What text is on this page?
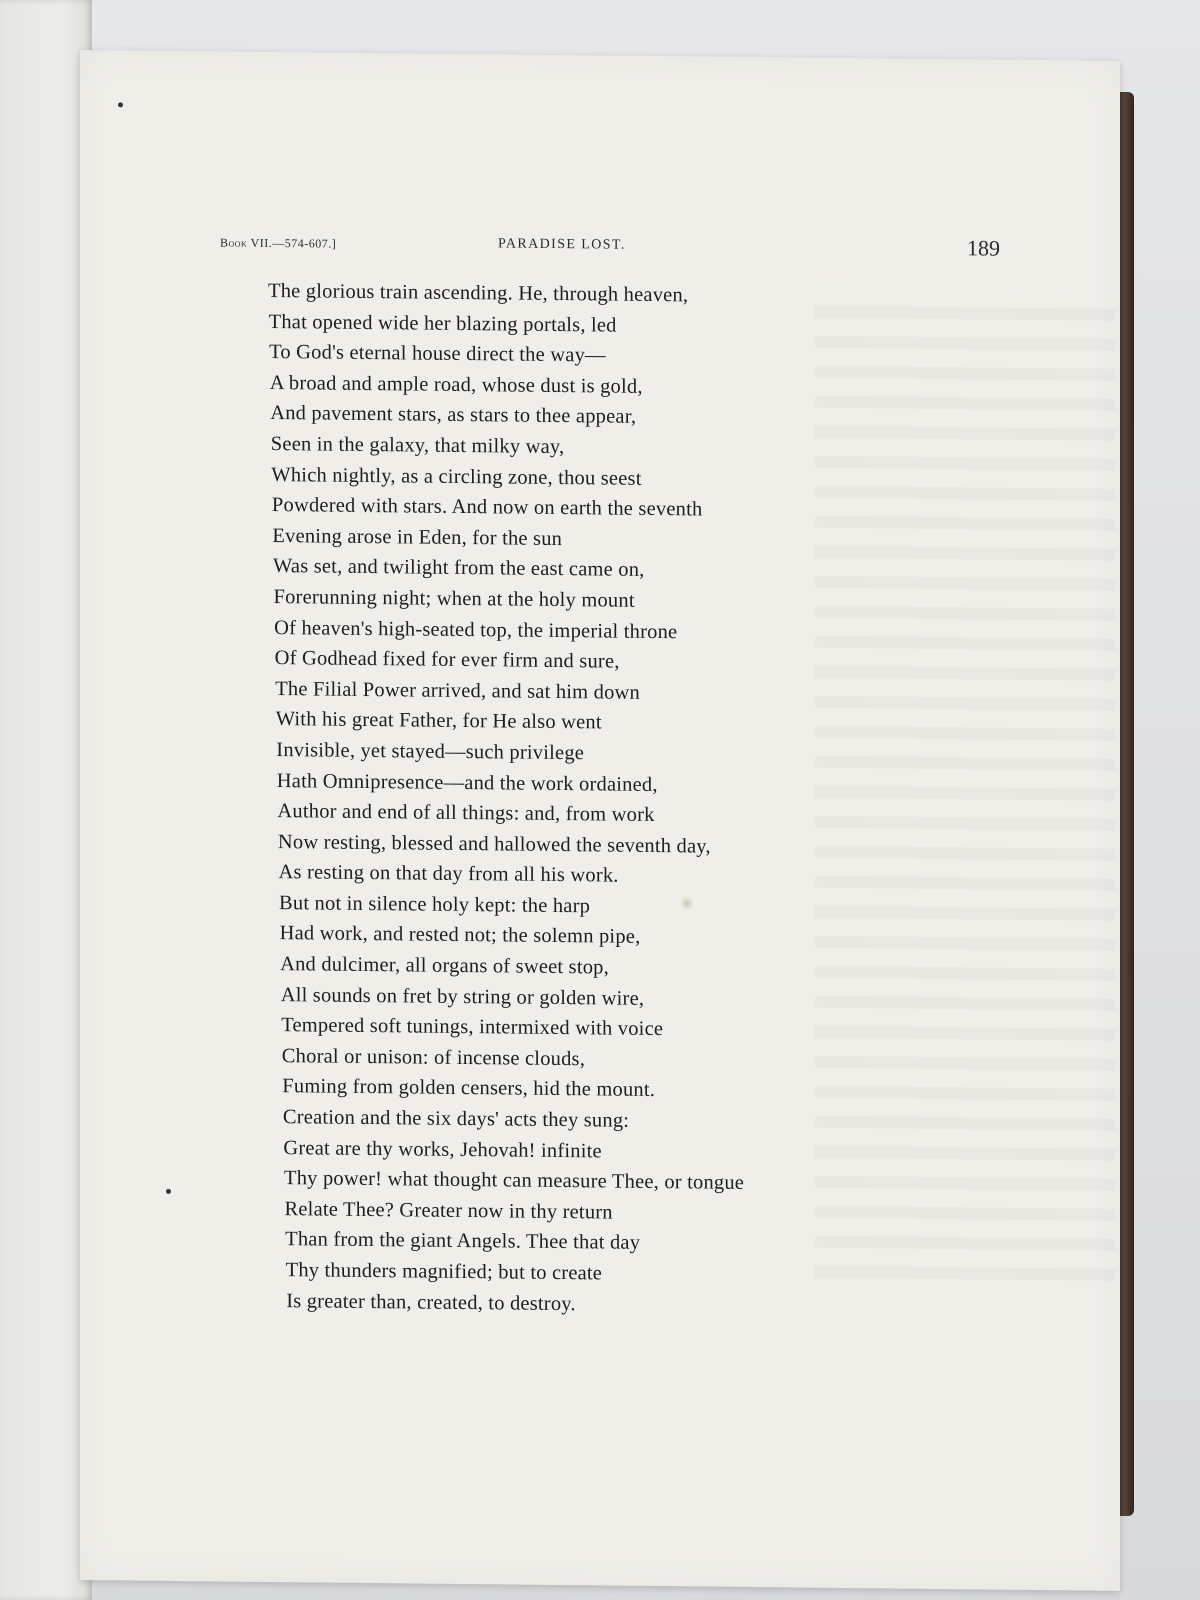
Book VII.—574-607.]	PARADISE LOST.	189
The glorious train ascending. He, through heaven,
That opened wide her blazing portals, led
To God's eternal house direct the way—
A broad and ample road, whose dust is gold,
And pavement stars, as stars to thee appear,
Seen in the galaxy, that milky way,
Which nightly, as a circling zone, thou seest
Powdered with stars. And now on earth the seventh
Evening arose in Eden, for the sun
Was set, and twilight from the east came on,
Forerunning night; when at the holy mount
Of heaven's high-seated top, the imperial throne
Of Godhead fixed for ever firm and sure,
The Filial Power arrived, and sat him down
With his great Father, for He also went
Invisible, yet stayed—such privilege
Hath Omnipresence—and the work ordained,
Author and end of all things: and, from work
Now resting, blessed and hallowed the seventh day,
As resting on that day from all his work.
But not in silence holy kept: the harp
Had work, and rested not; the solemn pipe,
And dulcimer, all organs of sweet stop,
All sounds on fret by string or golden wire,
Tempered soft tunings, intermixed with voice
Choral or unison: of incense clouds,
Fuming from golden censers, hid the mount.
Creation and the six days' acts they sung:
Great are thy works, Jehovah! infinite
Thy power! what thought can measure Thee, or tongue
Relate Thee? Greater now in thy return
Than from the giant Angels. Thee that day
Thy thunders magnified; but to create
Is greater than, created, to destroy.
